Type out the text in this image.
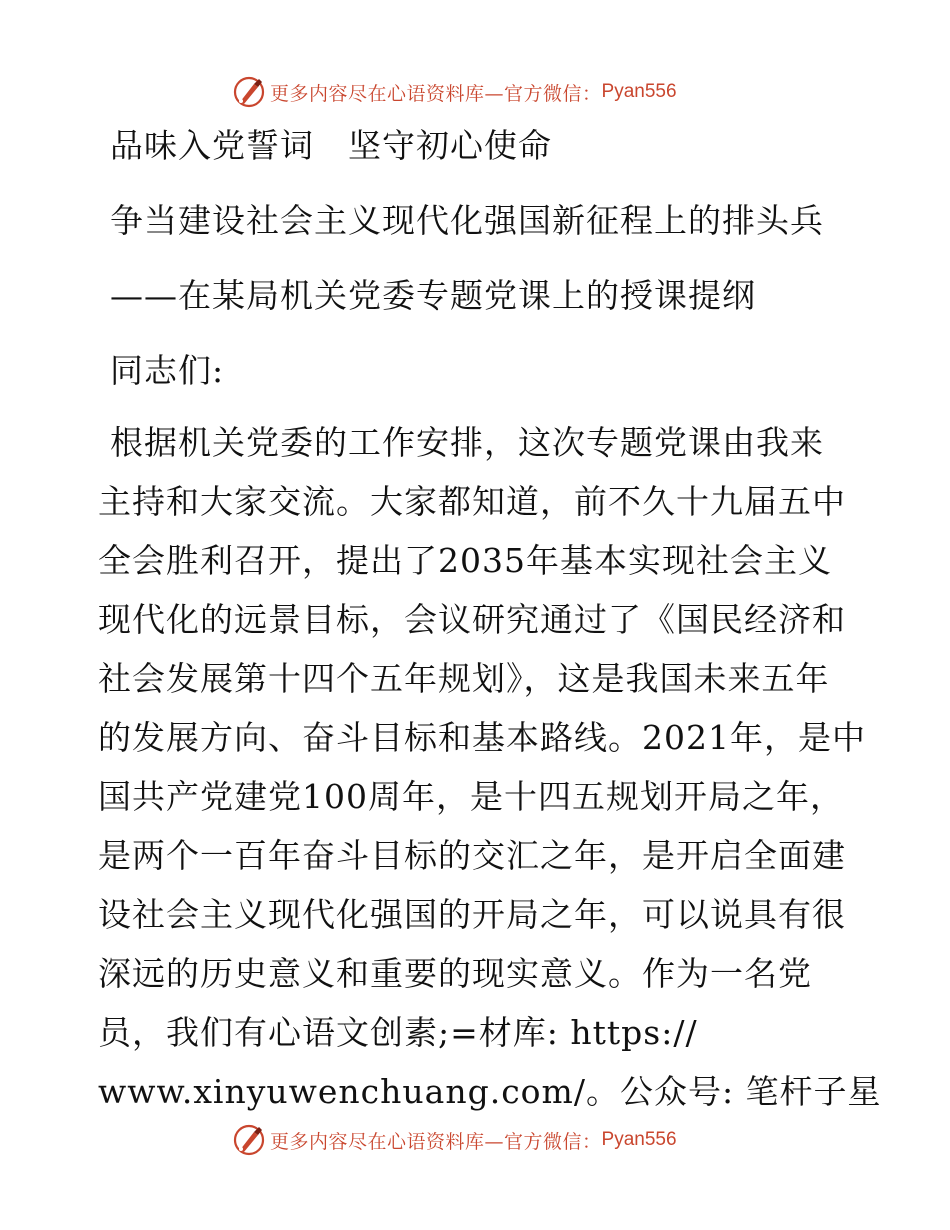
更多内容尽在心语资料库—官方微信： Pyan556

品味入党誓词　坚守初心使命

争当建设社会主义现代化强国新征程上的排头兵

——在某局机关党委专题党课上的授课提纲

同志们:

根据机关党委的工作安排，这次专题党课由我来

主持和大家交流。大家都知道，前不久十九届五中

全会胜利召开，提出了2035年基本实现社会主义

现代化的远景目标，会议研究通过了《国民经济和

社会发展第十四个五年规划》，这是我国未来五年

的发展方向、奋斗目标和基本路线。2021年，是中

国共产党建党100周年，是十四五规划开局之年，

是两个一百年奋斗目标的交汇之年，是开启全面建

设社会主义现代化强国的开局之年，可以说具有很

深远的历史意义和重要的现实意义。作为一名党

员，我们有心语文创素;=材库: https://

www.xinyuwenchuang.com/。公众号: 笔杆子星

更多内容尽在心语资料库—官方微信： Pyan556
